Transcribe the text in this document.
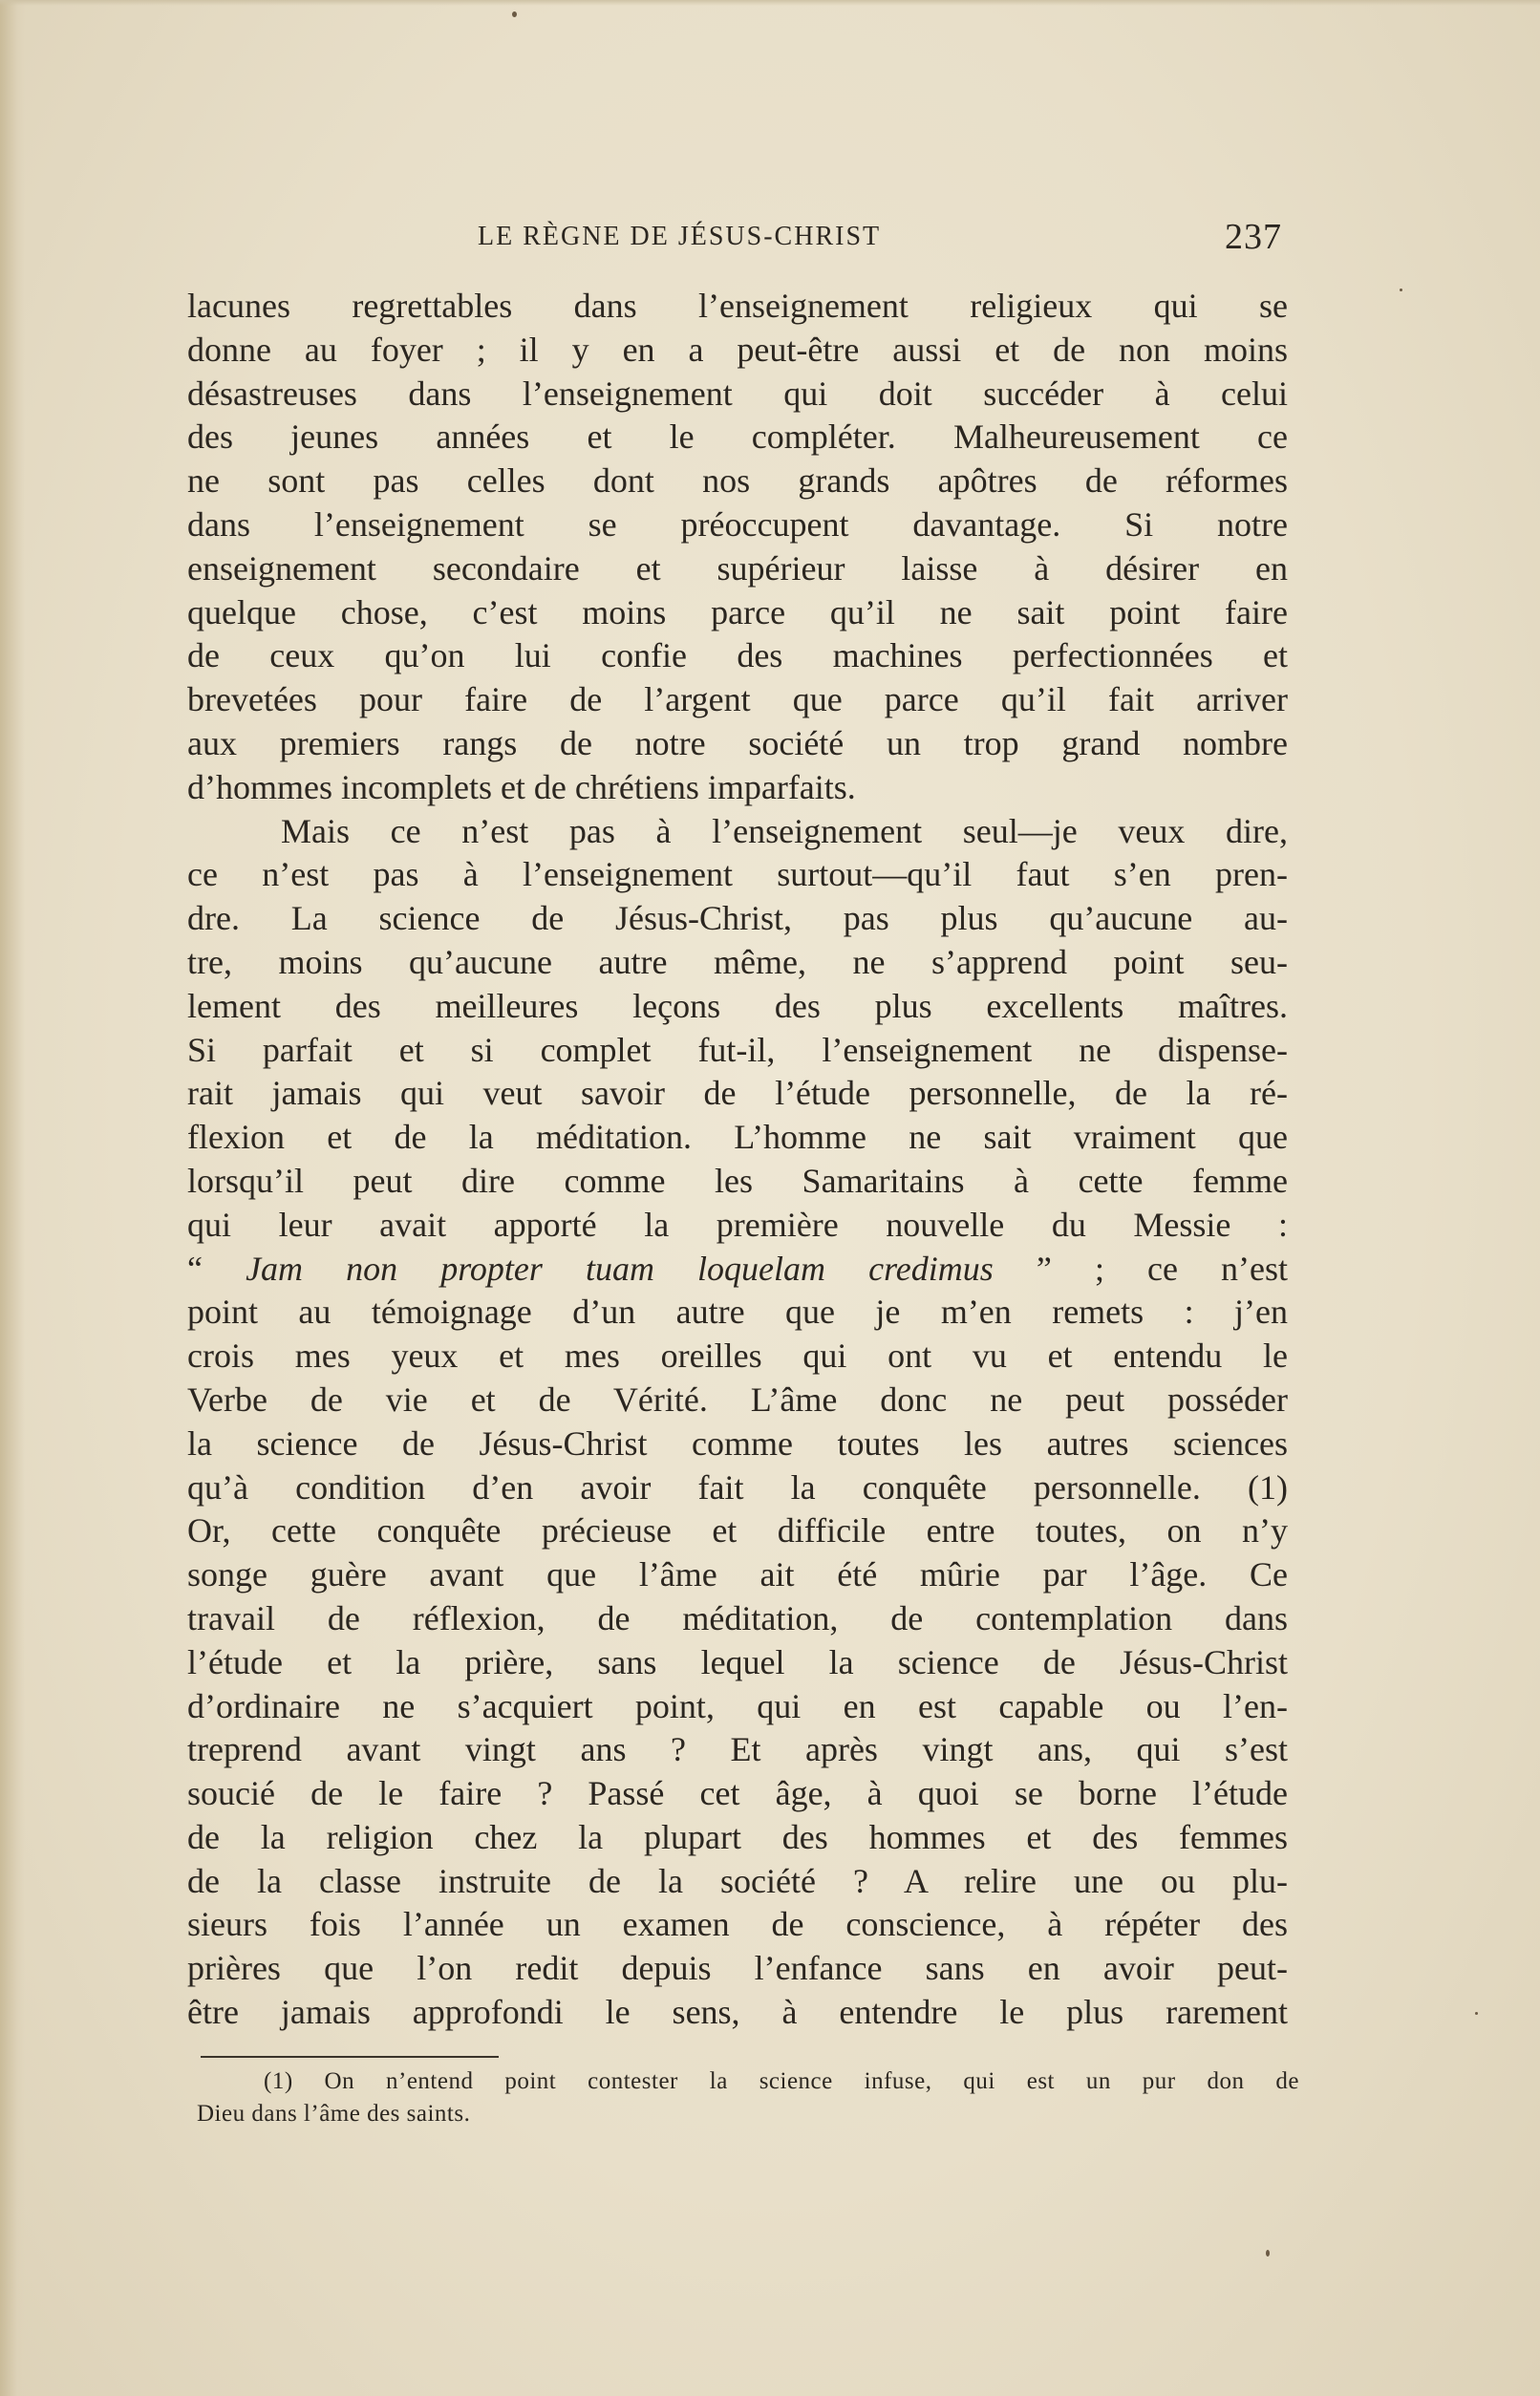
LE RÈGNE DE JÉSUS-CHRIST	237
lacunes regrettables dans l’enseignement religieux qui se
donne au foyer ; il y en a peut-être aussi et de non moins
désastreuses dans l’enseignement qui doit succéder à celui
des jeunes années et le compléter. Malheureusement ce
ne sont pas celles dont nos grands apôtres de réformes
dans l’enseignement se préoccupent davantage. Si notre
enseignement secondaire et supérieur laisse à désirer en
quelque chose, c’est moins parce qu’il ne sait point faire
de ceux qu’on lui confie des machines perfectionnées et
brevetées pour faire de l’argent que parce qu’il fait arriver
aux premiers rangs de notre société un trop grand nombre
d’hommes incomplets et de chrétiens imparfaits.
Mais ce n’est pas à l’enseignement seul—je veux dire,
ce n’est pas à l’enseignement surtout—qu’il faut s’en pren-
dre. La science de Jésus-Christ, pas plus qu’aucune au-
tre, moins qu’aucune autre même, ne s’apprend point seu-
lement des meilleures leçons des plus excellents maîtres.
Si parfait et si complet fut-il, l’enseignement ne dispense-
rait jamais qui veut savoir de l’étude personnelle, de la ré-
flexion et de la méditation. L’homme ne sait vraiment que
lorsqu’il peut dire comme les Samaritains à cette femme
qui leur avait apporté la première nouvelle du Messie :
“ Jam non propter tuam loquelam credimus ” ; ce n’est
point au témoignage d’un autre que je m’en remets : j’en
crois mes yeux et mes oreilles qui ont vu et entendu le
Verbe de vie et de Vérité. L’âme donc ne peut posséder
la science de Jésus-Christ comme toutes les autres sciences
qu’à condition d’en avoir fait la conquête personnelle. (1)
Or, cette conquête précieuse et difficile entre toutes, on n’y
songe guère avant que l’âme ait été mûrie par l’âge. Ce
travail de réflexion, de méditation, de contemplation dans
l’étude et la prière, sans lequel la science de Jésus-Christ
d’ordinaire ne s’acquiert point, qui en est capable ou l’en-
treprend avant vingt ans ? Et après vingt ans, qui s’est
soucié de le faire ? Passé cet âge, à quoi se borne l’étude
de la religion chez la plupart des hommes et des femmes
de la classe instruite de la société ? A relire une ou plu-
sieurs fois l’année un examen de conscience, à répéter des
prières que l’on redit depuis l’enfance sans en avoir peut-
être jamais approfondi le sens, à entendre le plus rarement
(1) On n’entend point contester la science infuse, qui est un pur don de
Dieu dans l’âme des saints.
